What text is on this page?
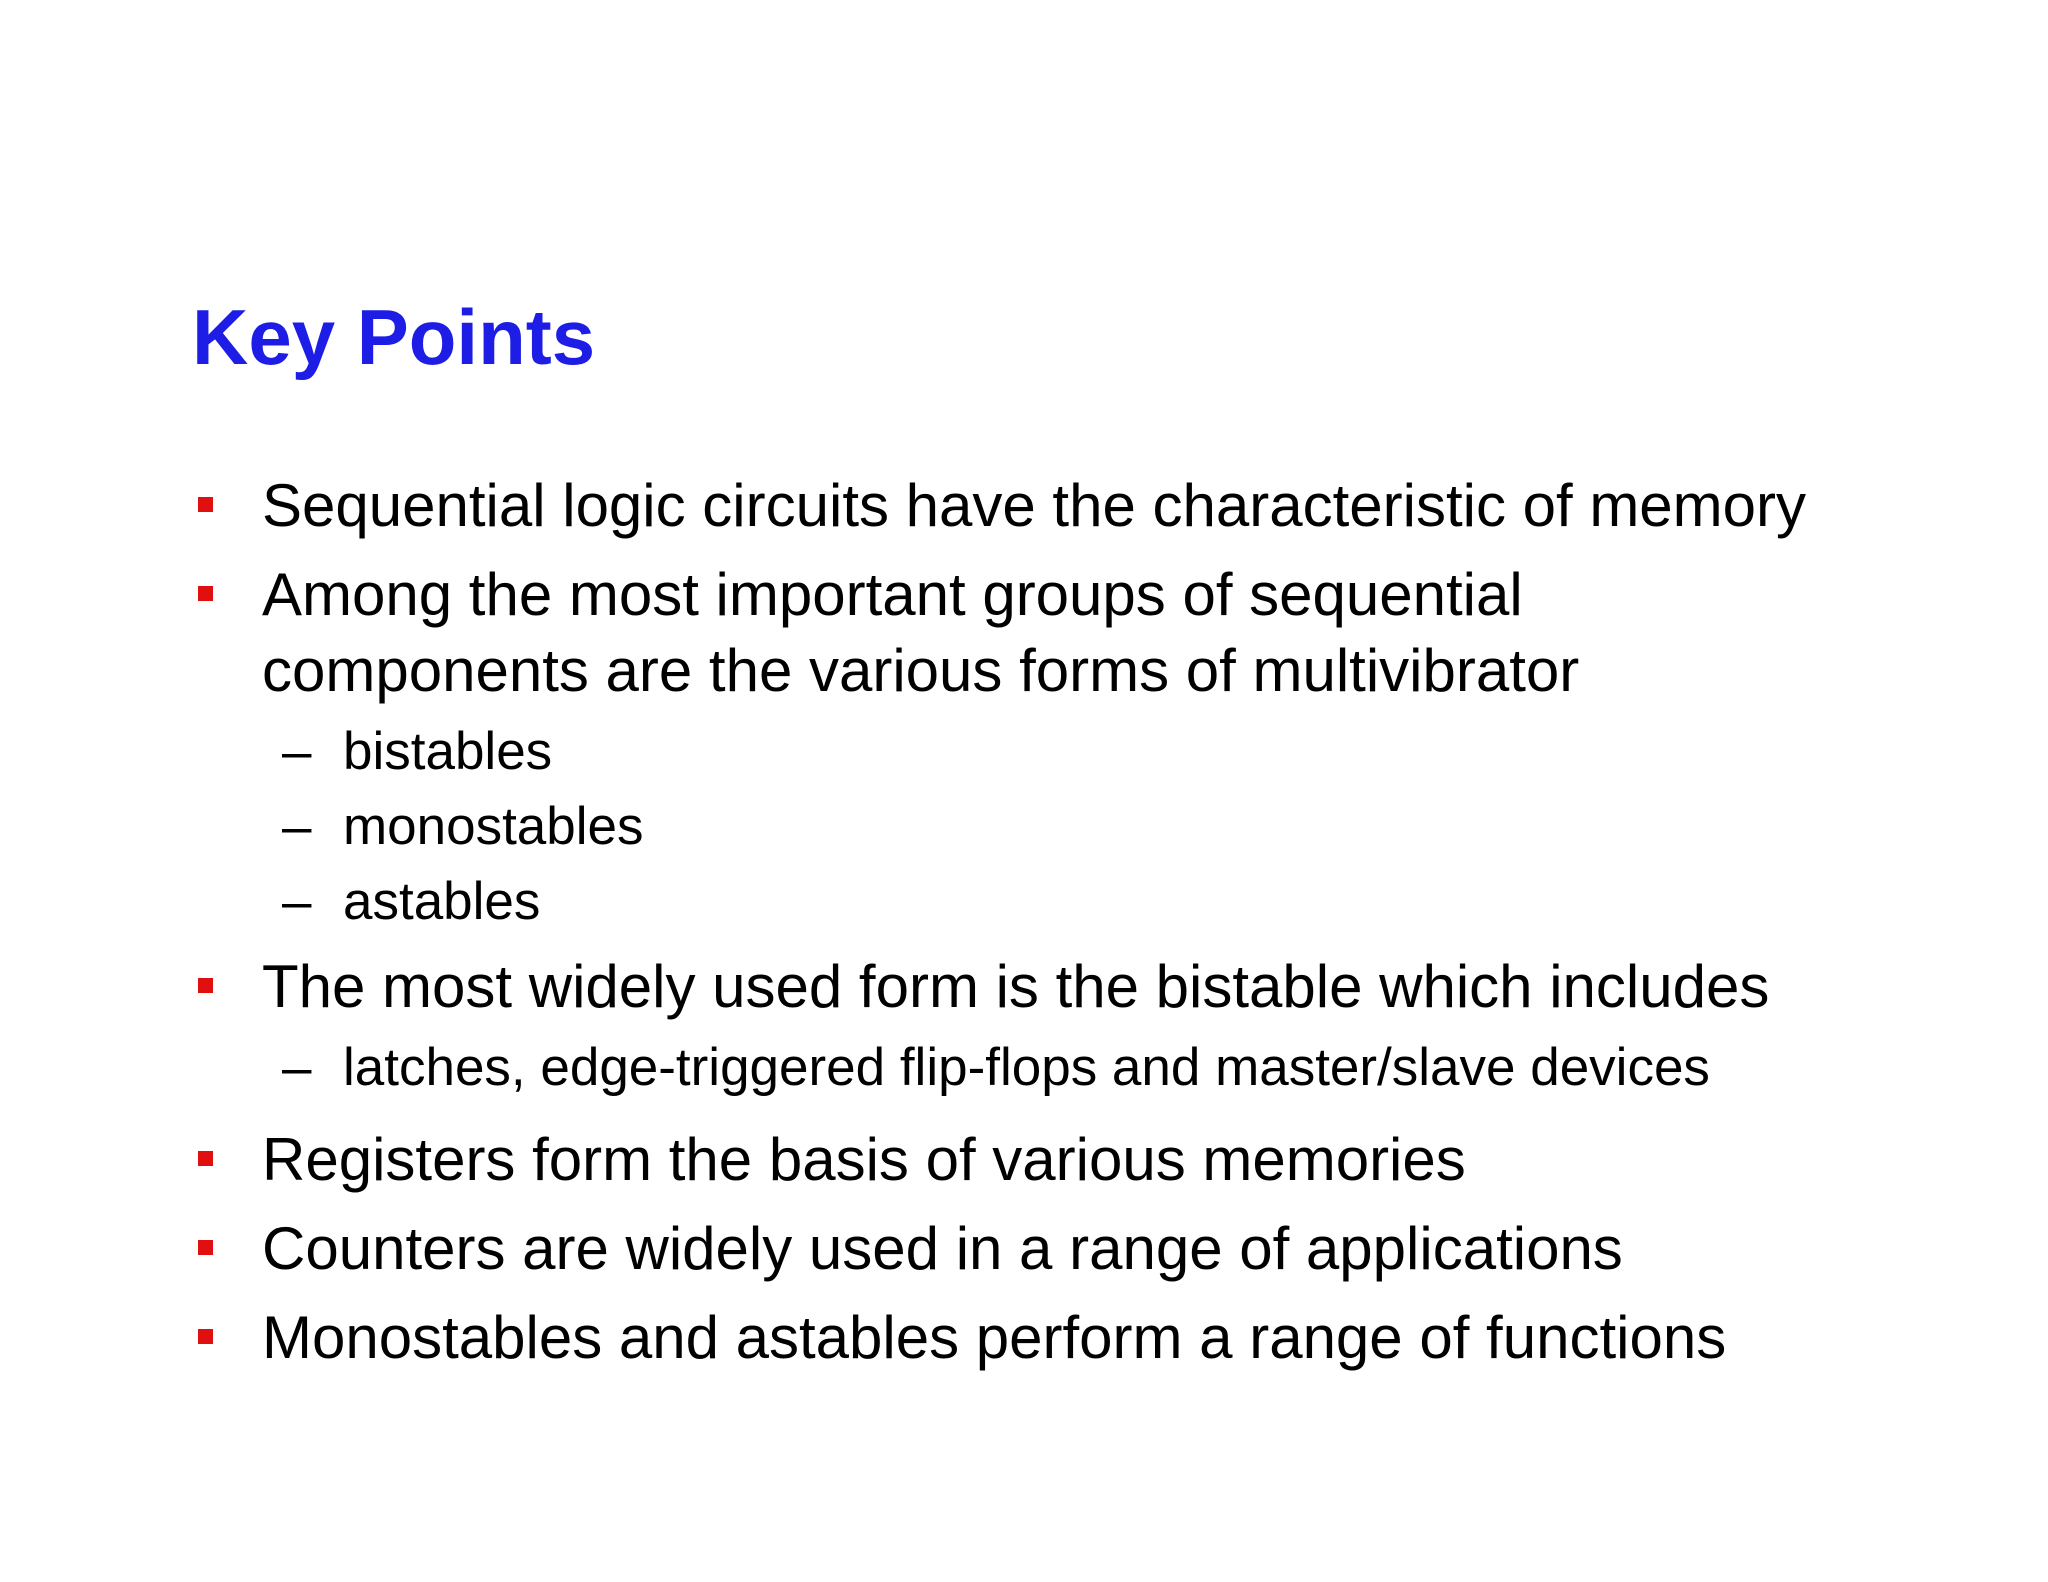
Key Points
Sequential logic circuits have the characteristic of memory
Among the most important groups of sequential
components are the various forms of multivibrator
– bistables
– monostables
– astables
The most widely used form is the bistable which includes
– latches, edge-triggered flip-flops and master/slave devices
Registers form the basis of various memories
Counters are widely used in a range of applications
Monostables and astables perform a range of functions
